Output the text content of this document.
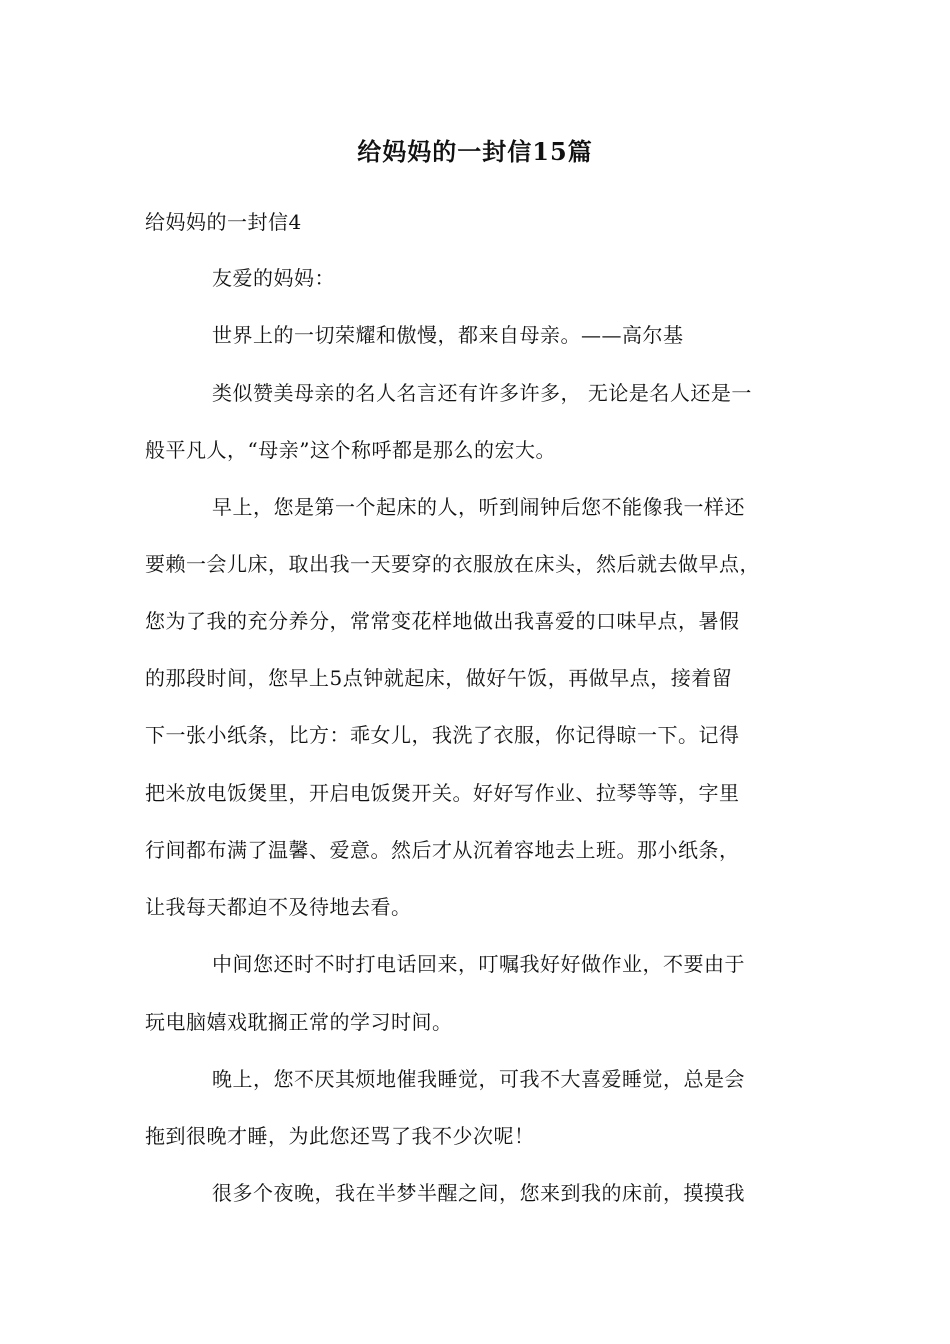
给妈妈的一封信15篇
给妈妈的一封信4
友爱的妈妈：
世界上的一切荣耀和傲慢，都来自母亲。——高尔基
类似赞美母亲的名人名言还有许多许多， 无论是名人还是一
般平凡人，“母亲”这个称呼都是那么的宏大。
早上，您是第一个起床的人，听到闹钟后您不能像我一样还
要赖一会儿床，取出我一天要穿的衣服放在床头，然后就去做早点，
您为了我的充分养分，常常变花样地做出我喜爱的口味早点，暑假
的那段时间，您早上5点钟就起床，做好午饭，再做早点，接着留
下一张小纸条，比方：乖女儿，我洗了衣服，你记得晾一下。记得
把米放电饭煲里，开启电饭煲开关。好好写作业、拉琴等等，字里
行间都布满了温馨、爱意。然后才从沉着容地去上班。那小纸条，
让我每天都迫不及待地去看。
中间您还时不时打电话回来，叮嘱我好好做作业，不要由于
玩电脑嬉戏耽搁正常的学习时间。
晚上，您不厌其烦地催我睡觉，可我不大喜爱睡觉，总是会
拖到很晚才睡，为此您还骂了我不少次呢！
很多个夜晚，我在半梦半醒之间，您来到我的床前，摸摸我
